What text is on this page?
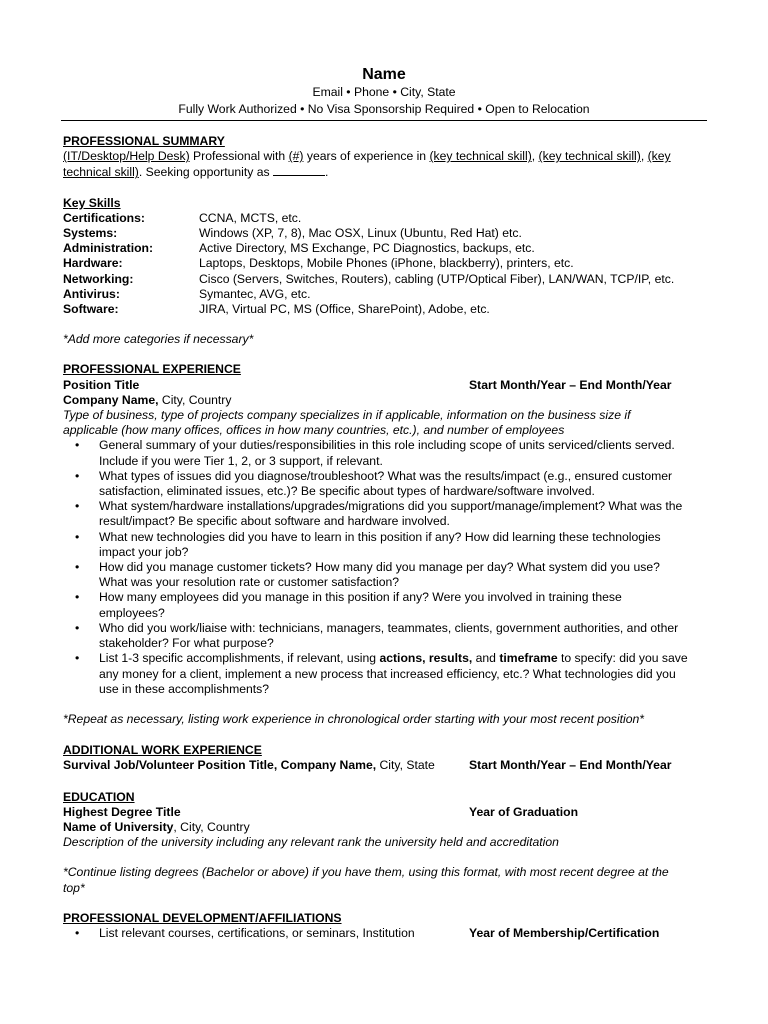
Name
Email • Phone • City, State
Fully Work Authorized • No Visa Sponsorship Required • Open to Relocation
PROFESSIONAL SUMMARY
(IT/Desktop/Help Desk) Professional with (#) years of experience in (key technical skill), (key technical skill), (key
technical skill). Seeking opportunity as	.
Key Skills
Certifications:	CCNA, MCTS, etc.
Systems:	Windows (XP, 7, 8), Mac OSX, Linux (Ubuntu, Red Hat) etc.
Administration:	Active Directory, MS Exchange, PC Diagnostics, backups, etc.
Hardware:	Laptops, Desktops, Mobile Phones (iPhone, blackberry), printers, etc.
Networking:	Cisco (Servers, Switches, Routers), cabling (UTP/Optical Fiber), LAN/WAN, TCP/IP, etc.
Antivirus:	Symantec, AVG, etc.
Software:	JIRA, Virtual PC, MS (Office, SharePoint), Adobe, etc.
*Add more categories if necessary*
PROFESSIONAL EXPERIENCE
Position Title	Start Month/Year – End Month/Year
Company Name, City, Country
Type of business, type of projects company specializes in if applicable, information on the business size if
applicable (how many offices, offices in how many countries, etc.), and number of employees
• General summary of your duties/responsibilities in this role including scope of units serviced/clients served.
Include if you were Tier 1, 2, or 3 support, if relevant.
• What types of issues did you diagnose/troubleshoot? What was the results/impact (e.g., ensured customer
satisfaction, eliminated issues, etc.)? Be specific about types of hardware/software involved.
• What system/hardware installations/upgrades/migrations did you support/manage/implement? What was the
result/impact? Be specific about software and hardware involved.
• What new technologies did you have to learn in this position if any? How did learning these technologies
impact your job?
• How did you manage customer tickets? How many did you manage per day? What system did you use?
What was your resolution rate or customer satisfaction?
• How many employees did you manage in this position if any? Were you involved in training these
employees?
• Who did you work/liaise with: technicians, managers, teammates, clients, government authorities, and other
stakeholder? For what purpose?
• List 1-3 specific accomplishments, if relevant, using actions, results, and timeframe to specify: did you save
any money for a client, implement a new process that increased efficiency, etc.? What technologies did you
use in these accomplishments?
*Repeat as necessary, listing work experience in chronological order starting with your most recent position*
ADDITIONAL WORK EXPERIENCE
Survival Job/Volunteer Position Title, Company Name, City, State	Start Month/Year – End Month/Year
EDUCATION
Highest Degree Title	Year of Graduation
Name of University, City, Country
Description of the university including any relevant rank the university held and accreditation
*Continue listing degrees (Bachelor or above) if you have them, using this format, with most recent degree at the
top*
PROFESSIONAL DEVELOPMENT/AFFILIATIONS
• List relevant courses, certifications, or seminars, Institution	Year of Membership/Certification
